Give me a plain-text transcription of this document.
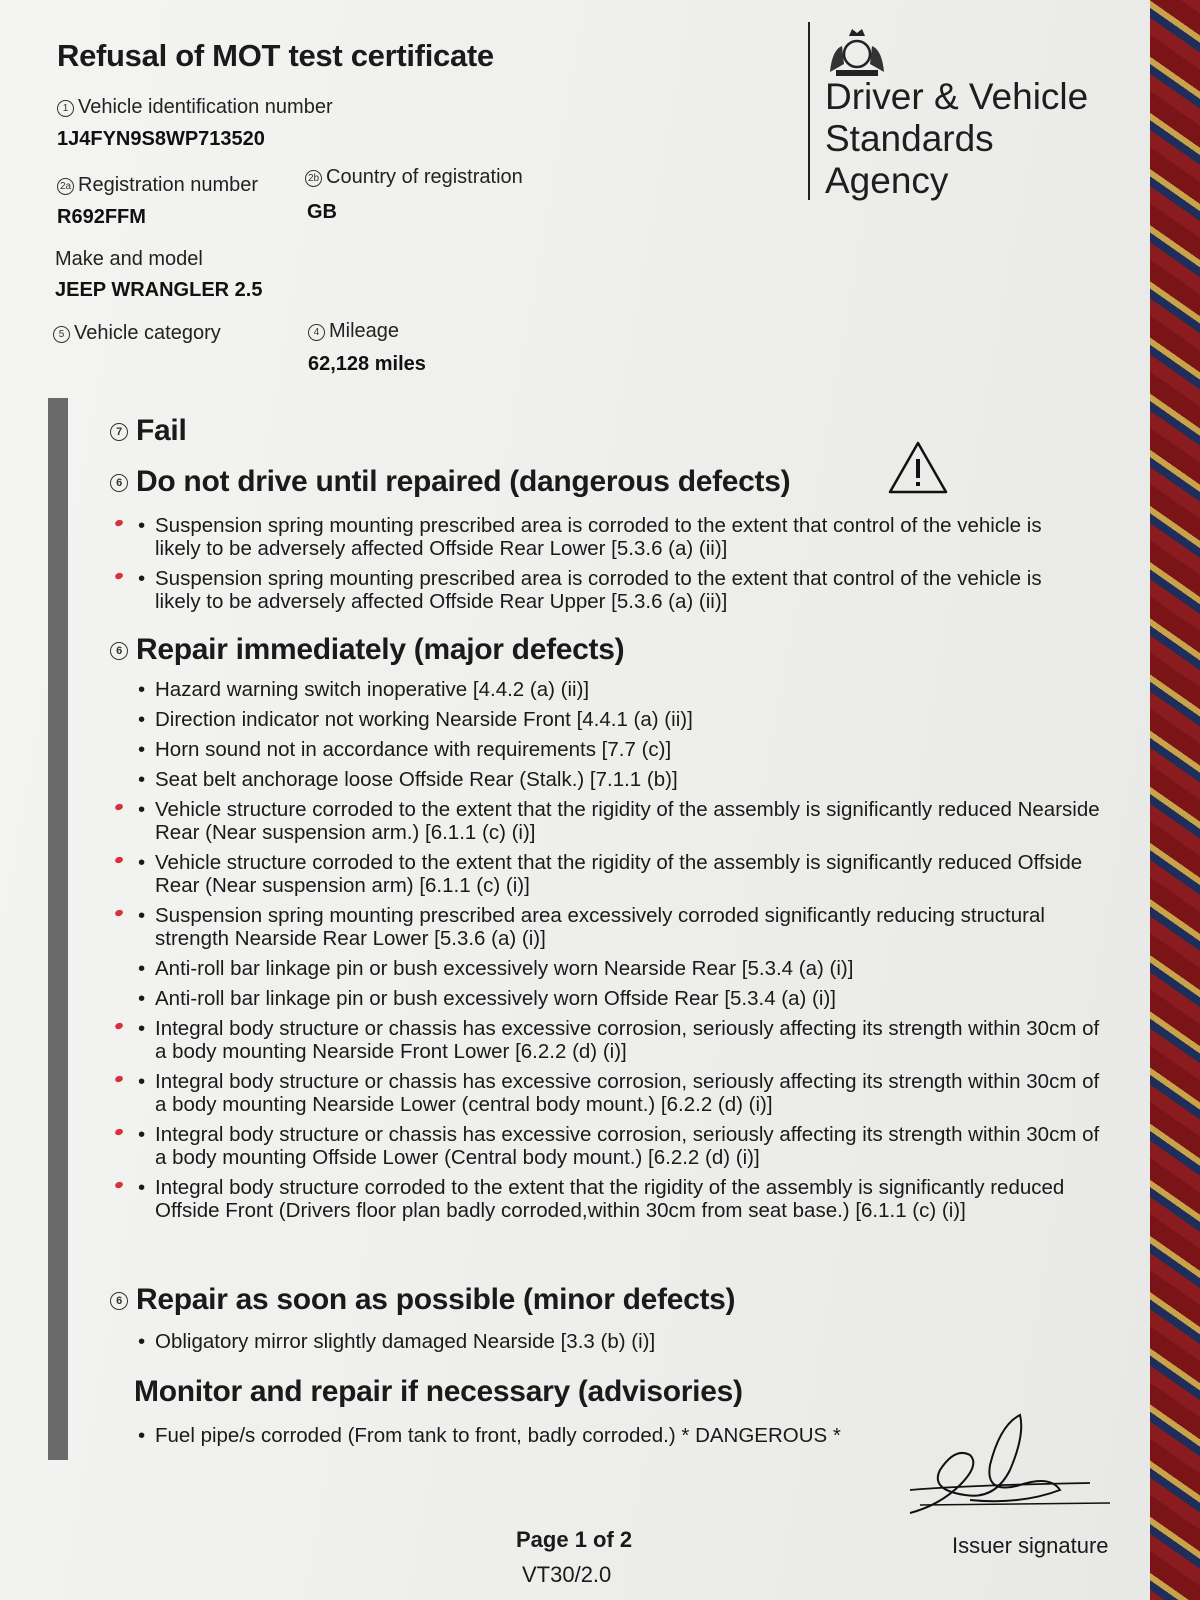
Refusal of MOT test certificate
1 Vehicle identification number
1J4FYN9S8WP713520
2a Registration number
R692FFM
2b Country of registration
GB
Make and model
JEEP WRANGLER 2.5
5 Vehicle category	4 Mileage
62,128 miles
Driver & Vehicle
Standards
Agency
7 Fail
6 Do not drive until repaired (dangerous defects)
• Suspension spring mounting prescribed area is corroded to the extent that control of the vehicle is likely to be adversely affected Offside Rear Lower [5.3.6 (a) (ii)]
• Suspension spring mounting prescribed area is corroded to the extent that control of the vehicle is likely to be adversely affected Offside Rear Upper [5.3.6 (a) (ii)]
6 Repair immediately (major defects)
• Hazard warning switch inoperative [4.4.2 (a) (ii)]
• Direction indicator not working Nearside Front [4.4.1 (a) (ii)]
• Horn sound not in accordance with requirements [7.7 (c)]
• Seat belt anchorage loose Offside Rear (Stalk.) [7.1.1 (b)]
• Vehicle structure corroded to the extent that the rigidity of the assembly is significantly reduced Nearside Rear (Near suspension arm.) [6.1.1 (c) (i)]
• Vehicle structure corroded to the extent that the rigidity of the assembly is significantly reduced Offside Rear (Near suspension arm) [6.1.1 (c) (i)]
• Suspension spring mounting prescribed area excessively corroded significantly reducing structural strength Nearside Rear Lower [5.3.6 (a) (i)]
• Anti-roll bar linkage pin or bush excessively worn Nearside Rear [5.3.4 (a) (i)]
• Anti-roll bar linkage pin or bush excessively worn Offside Rear [5.3.4 (a) (i)]
• Integral body structure or chassis has excessive corrosion, seriously affecting its strength within 30cm of a body mounting Nearside Front Lower [6.2.2 (d) (i)]
• Integral body structure or chassis has excessive corrosion, seriously affecting its strength within 30cm of a body mounting Nearside Lower (central body mount.) [6.2.2 (d) (i)]
• Integral body structure or chassis has excessive corrosion, seriously affecting its strength within 30cm of a body mounting Offside Lower (Central body mount.) [6.2.2 (d) (i)]
• Integral body structure corroded to the extent that the rigidity of the assembly is significantly reduced Offside Front (Drivers floor plan badly corroded,within 30cm from seat base.) [6.1.1 (c) (i)]
6 Repair as soon as possible (minor defects)
• Obligatory mirror slightly damaged Nearside [3.3 (b) (i)]
Monitor and repair if necessary (advisories)
• Fuel pipe/s corroded (From tank to front, badly corroded.) * DANGEROUS *
Page 1 of 2
VT30/2.0
Issuer signature
